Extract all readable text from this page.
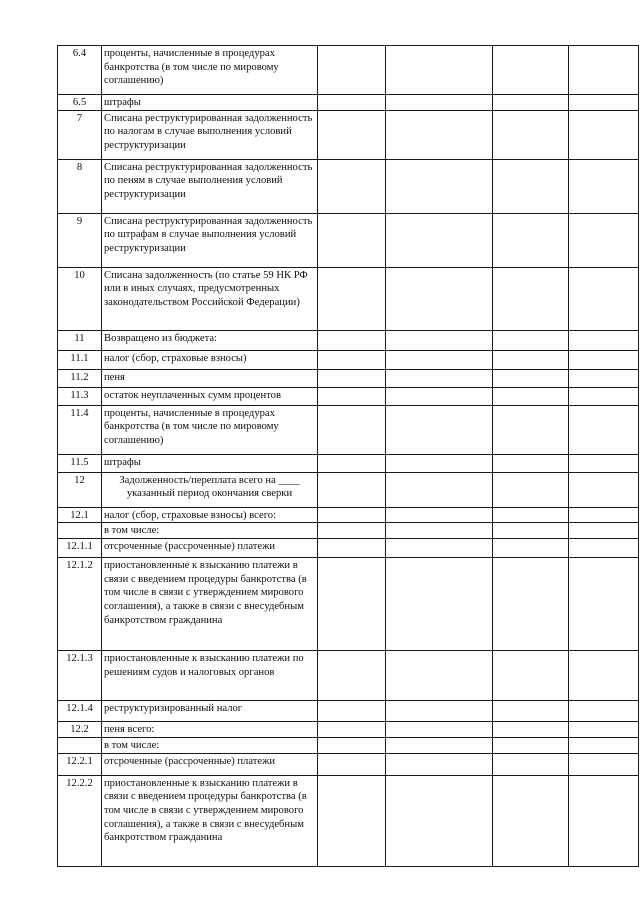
6.4	проценты, начисленные в процедурах банкротства (в том числе по мировому соглашению)				
6.5	штрафы				
7	Списана реструктурированная задолженность по налогам в случае выполнения условий реструктуризации				
8	Списана реструктурированная задолженность по пеням в случае выполнения условий реструктуризации				
9	Списана реструктурированная задолженность по штрафам в случае выполнения условий реструктуризации				
10	Списана задолженность (по статье 59 НК РФ или в иных случаях, предусмотренных законодательством Российской Федерации)				
11	Возвращено из бюджета:				
11.1	налог (сбор, страховые взносы)				
11.2	пеня				
11.3	остаток неуплаченных сумм процентов				
11.4	проценты, начисленные в процедурах банкротства (в том числе по мировому соглашению)				
11.5	штрафы				
12	Задолженность/переплата всего на ____ указанный период окончания сверки				
12.1	налог (сбор, страховые взносы) всего:				
	в том числе:				
12.1.1	отсроченные (рассроченные) платежи				
12.1.2	приостановленные к взысканию платежи в связи с введением процедуры банкротства (в том числе в связи с утверждением мирового соглашения), а также в связи с внесудебным банкротством гражданина				
12.1.3	приостановленные к взысканию платежи по решениям судов и налоговых органов				
12.1.4	реструктуризированный налог				
12.2	пеня всего:				
	в том числе:				
12.2.1	отсроченные (рассроченные) платежи				
12.2.2	приостановленные к взысканию платежи в связи с введением процедуры банкротства (в том числе в связи с утверждением мирового соглашения), а также в связи с внесудебным банкротством гражданина				
